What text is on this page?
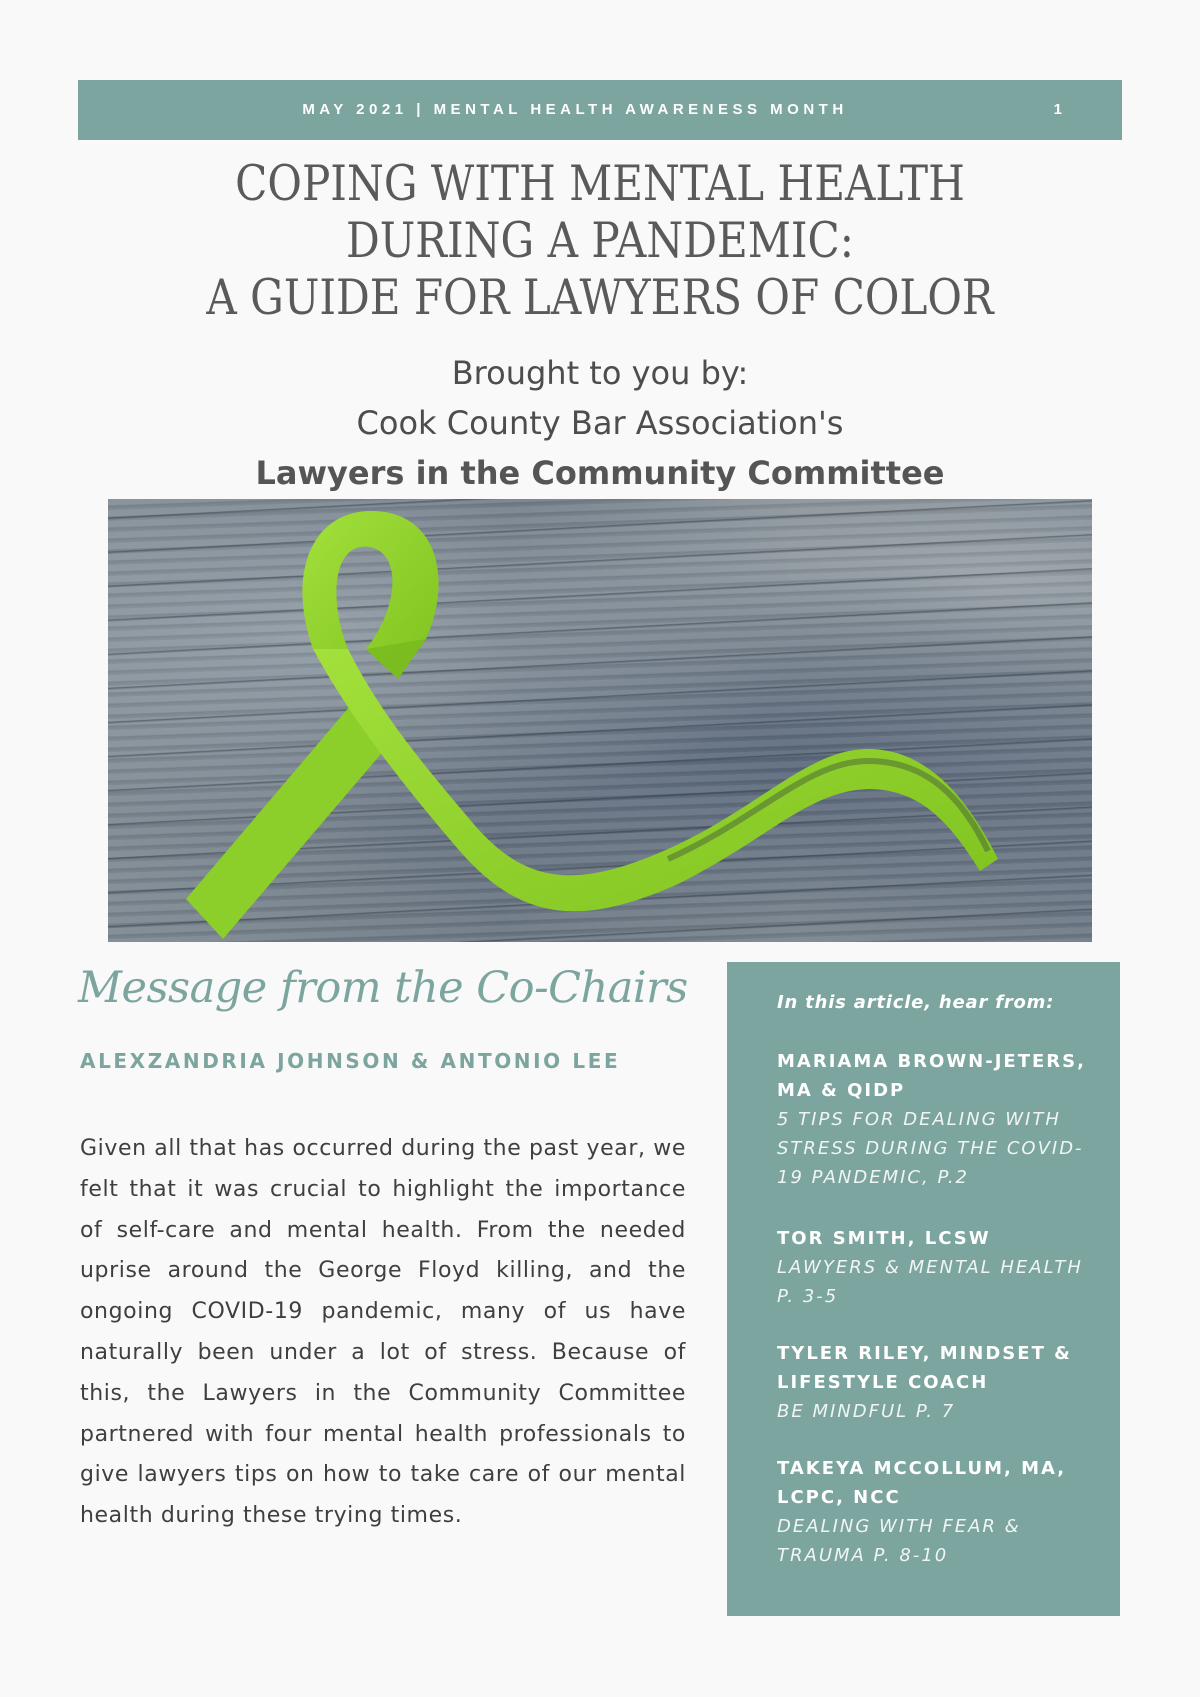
MAY 2021 | MENTAL HEALTH AWARENESS MONTH	1
COPING WITH MENTAL HEALTH
DURING A PANDEMIC:
A GUIDE FOR LAWYERS OF COLOR
Brought to you by:
Cook County Bar Association's
Lawyers in the Community Committee
Message from the Co-Chairs
ALEXZANDRIA JOHNSON & ANTONIO LEE

Given all that has occurred during the past year, we felt that it was crucial to highlight the importance of self-care and mental health. From the needed uprise around the George Floyd killing, and the ongoing COVID-19 pandemic, many of us have naturally been under a lot of stress. Because of this, the Lawyers in the Community Committee partnered with four mental health professionals to give lawyers tips on how to take care of our mental health during these trying times.

In this article, hear from:
MARIAMA BROWN-JETERS, MA & QIDP
5 TIPS FOR DEALING WITH STRESS DURING THE COVID- 19 PANDEMIC, P.2
TOR SMITH, LCSW
LAWYERS & MENTAL HEALTH P. 3-5
TYLER RILEY, MINDSET & LIFESTYLE COACH
BE MINDFUL P. 7
TAKEYA MCCOLLUM, MA, LCPC, NCC
DEALING WITH FEAR & TRAUMA P. 8-10
